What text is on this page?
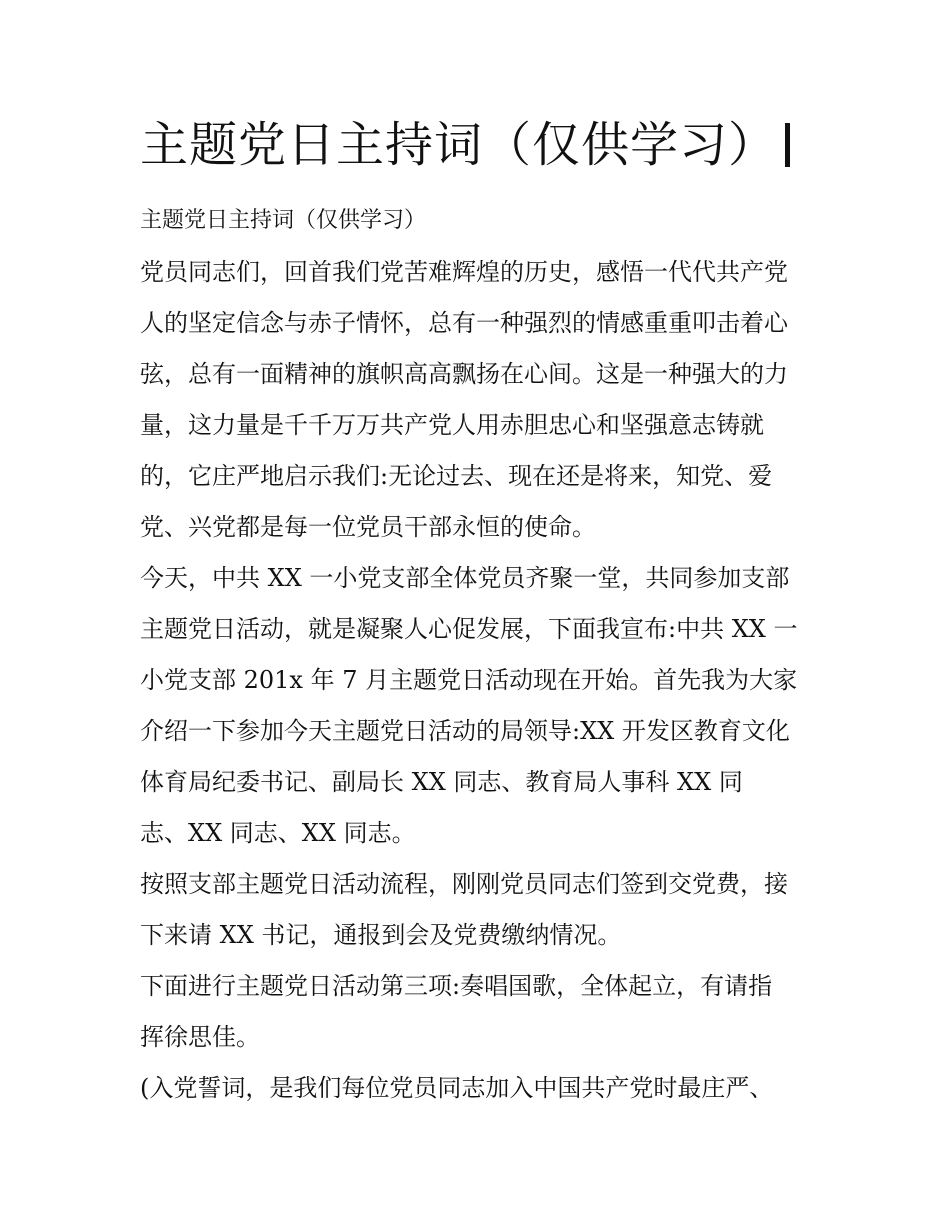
主题党日主持词（仅供学习）
主题党日主持词（仅供学习）
党员同志们，回首我们党苦难辉煌的历史，感悟一代代共产党
人的坚定信念与赤子情怀，总有一种强烈的情感重重叩击着心
弦，总有一面精神的旗帜高高飘扬在心间。这是一种强大的力
量，这力量是千千万万共产党人用赤胆忠心和坚强意志铸就
的，它庄严地启示我们:无论过去、现在还是将来，知党、爱
党、兴党都是每一位党员干部永恒的使命。
今天，中共 XX 一小党支部全体党员齐聚一堂，共同参加支部
主题党日活动，就是凝聚人心促发展，下面我宣布:中共 XX 一
小党支部 201x 年 7 月主题党日活动现在开始。首先我为大家
介绍一下参加今天主题党日活动的局领导:XX 开发区教育文化
体育局纪委书记、副局长 XX 同志、教育局人事科 XX 同
志、XX 同志、XX 同志。
按照支部主题党日活动流程，刚刚党员同志们签到交党费，接
下来请 XX 书记，通报到会及党费缴纳情况。
下面进行主题党日活动第三项:奏唱国歌，全体起立，有请指
挥徐思佳。
(入党誓词，是我们每位党员同志加入中国共产党时最庄严、
